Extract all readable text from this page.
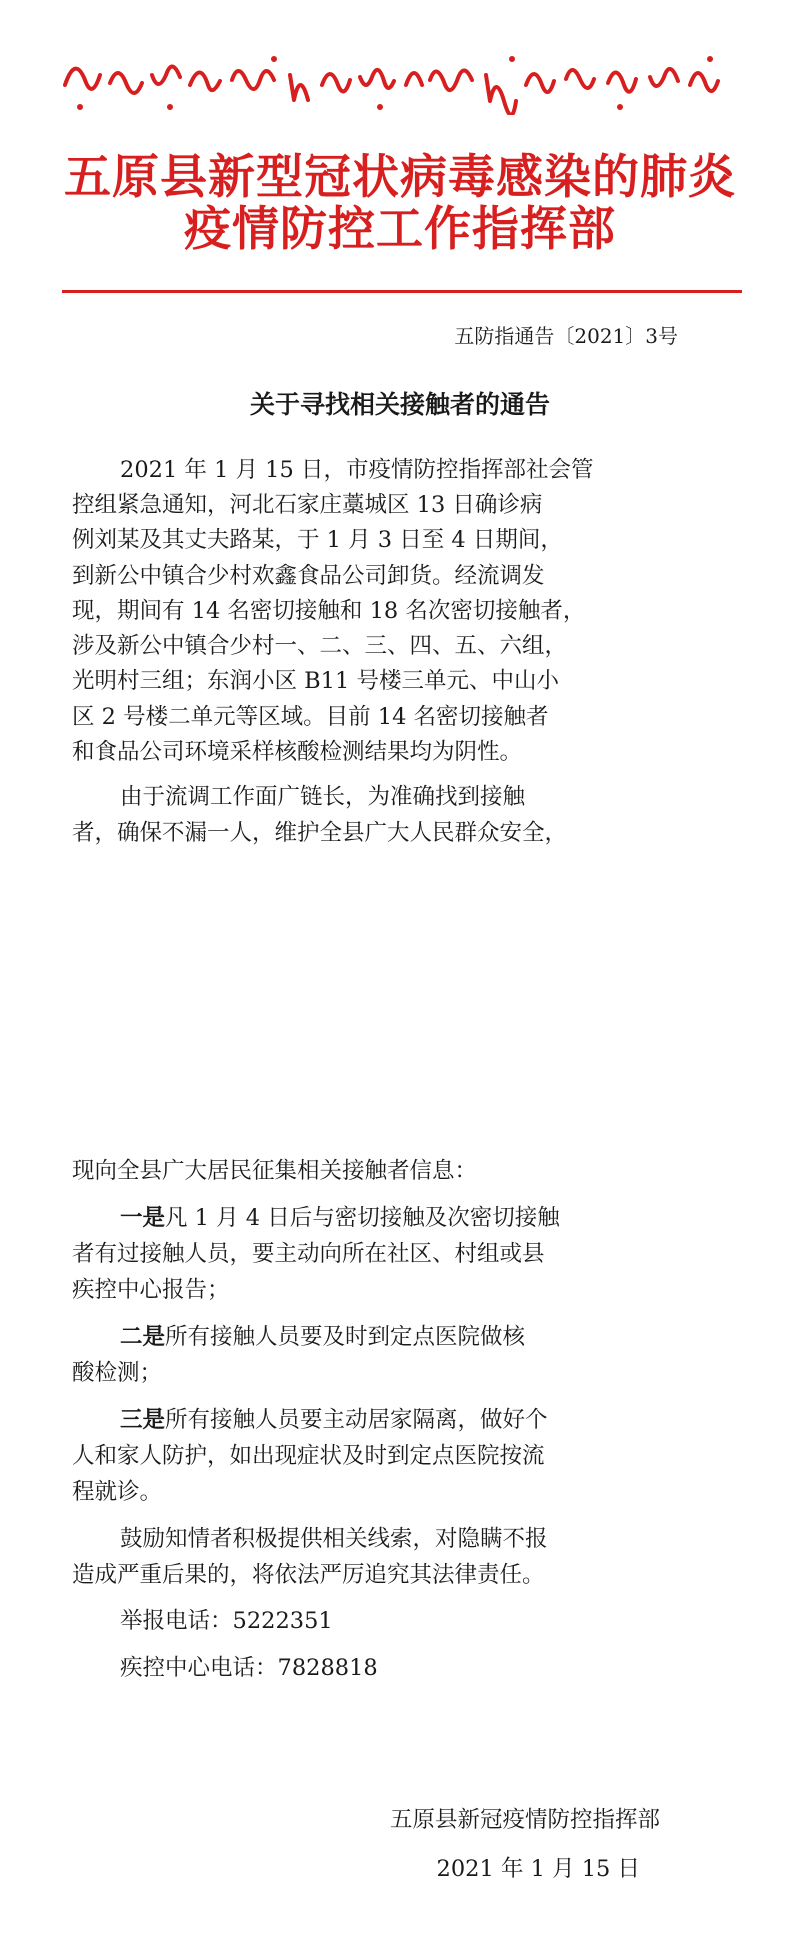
五原县新型冠状病毒感染的肺炎
疫情防控工作指挥部
五防指通告〔2021〕3号
关于寻找相关接触者的通告
2021 年 1 月 15 日，市疫情防控指挥部社会管
控组紧急通知，河北石家庄藁城区 13 日确诊病
例刘某及其丈夫路某，于 1 月 3 日至 4 日期间，
到新公中镇合少村欢鑫食品公司卸货。经流调发
现，期间有 14 名密切接触和 18 名次密切接触者，
涉及新公中镇合少村一、二、三、四、五、六组，
光明村三组；东润小区 B11 号楼三单元、中山小
区 2 号楼二单元等区域。目前 14 名密切接触者
和食品公司环境采样核酸检测结果均为阴性。
由于流调工作面广链长，为准确找到接触
者，确保不漏一人，维护全县广大人民群众安全，
现向全县广大居民征集相关接触者信息：
一是凡 1 月 4 日后与密切接触及次密切接触
者有过接触人员，要主动向所在社区、村组或县
疾控中心报告；
二是所有接触人员要及时到定点医院做核
酸检测；
三是所有接触人员要主动居家隔离，做好个
人和家人防护，如出现症状及时到定点医院按流
程就诊。
鼓励知情者积极提供相关线索，对隐瞒不报
造成严重后果的，将依法严厉追究其法律责任。
举报电话：5222351
疾控中心电话：7828818
五原县新冠疫情防控指挥部
2021 年 1 月 15 日
